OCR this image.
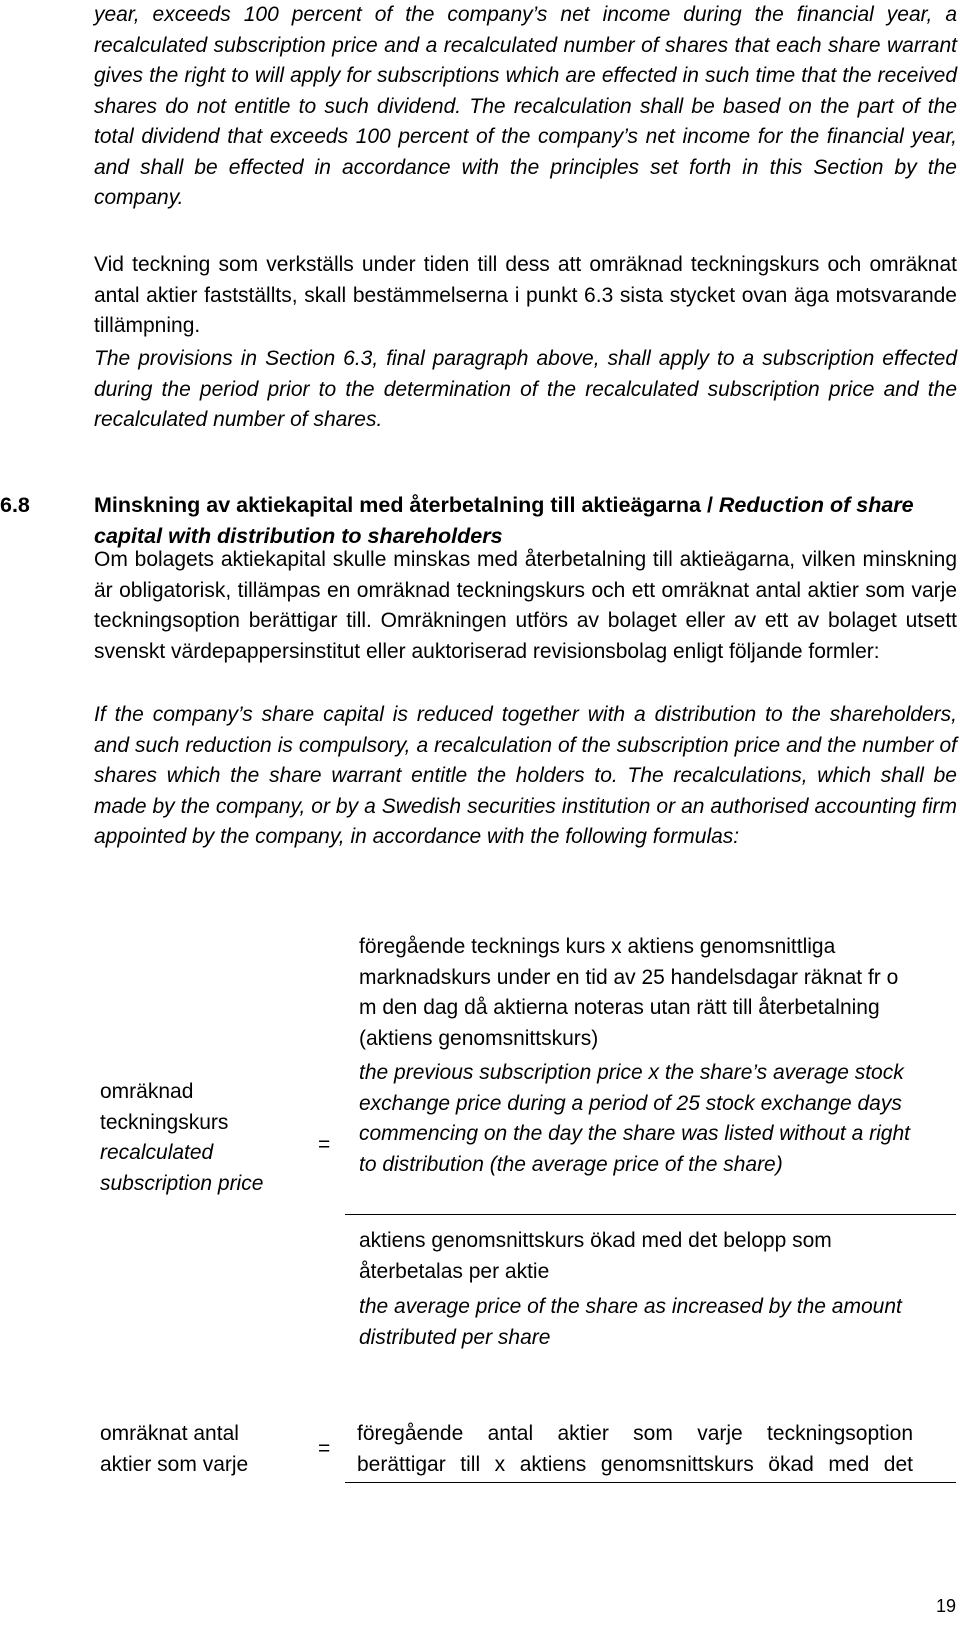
year, exceeds 100 percent of the company’s net income during the financial year, a recalculated subscription price and a recalculated number of shares that each share warrant gives the right to will apply for subscriptions which are effected in such time that the received shares do not entitle to such dividend. The recalculation shall be based on the part of the total dividend that exceeds 100 percent of the company’s net income for the financial year, and shall be effected in accordance with the principles set forth in this Section by the company.

Vid teckning som verkställs under tiden till dess att omräknad teckningskurs och omräknat antal aktier fastställts, skall bestämmelserna i punkt 6.3 sista stycket ovan äga motsvarande tillämpning.

The provisions in Section 6.3, final paragraph above, shall apply to a subscription effected during the period prior to the determination of the recalculated subscription price and the recalculated number of shares.

6.8	Minskning av aktiekapital med återbetalning till aktieägarna / Reduction of share capital with distribution to shareholders

Om bolagets aktiekapital skulle minskas med återbetalning till aktieägarna, vilken minskning är obligatorisk, tillämpas en omräknad teckningskurs och ett omräknat antal aktier som varje teckningsoption berättigar till. Omräkningen utförs av bolaget eller av ett av bolaget utsett svenskt värdepappersinstitut eller auktoriserad revisionsbolag enligt följande formler:

If the company’s share capital is reduced together with a distribution to the shareholders, and such reduction is compulsory, a recalculation of the subscription price and the number of shares which the share warrant entitle the holders to. The recalculations, which shall be made by the company, or by a Swedish securities institution or an authorised accounting firm appointed by the company, in accordance with the following formulas:

omräknad
teckningskurs
recalculated
subscription price
=
föregående tecknings kurs x aktiens genomsnittliga marknadskurs under en tid av 25 handelsdagar räknat fr o m den dag då aktierna noteras utan rätt till återbetalning (aktiens genomsnittskurs)
the previous subscription price x the share’s average stock exchange price during a period of 25 stock exchange days commencing on the day the share was listed without a right to distribution (the average price of the share)
aktiens genomsnittskurs ökad med det belopp som återbetalas per aktie
the average price of the share as increased by the amount distributed per share
omräknat antal
aktier som varje
=
föregående antal aktier som varje teckningsoption berättigar till x aktiens genomsnittskurs ökad med det
19
